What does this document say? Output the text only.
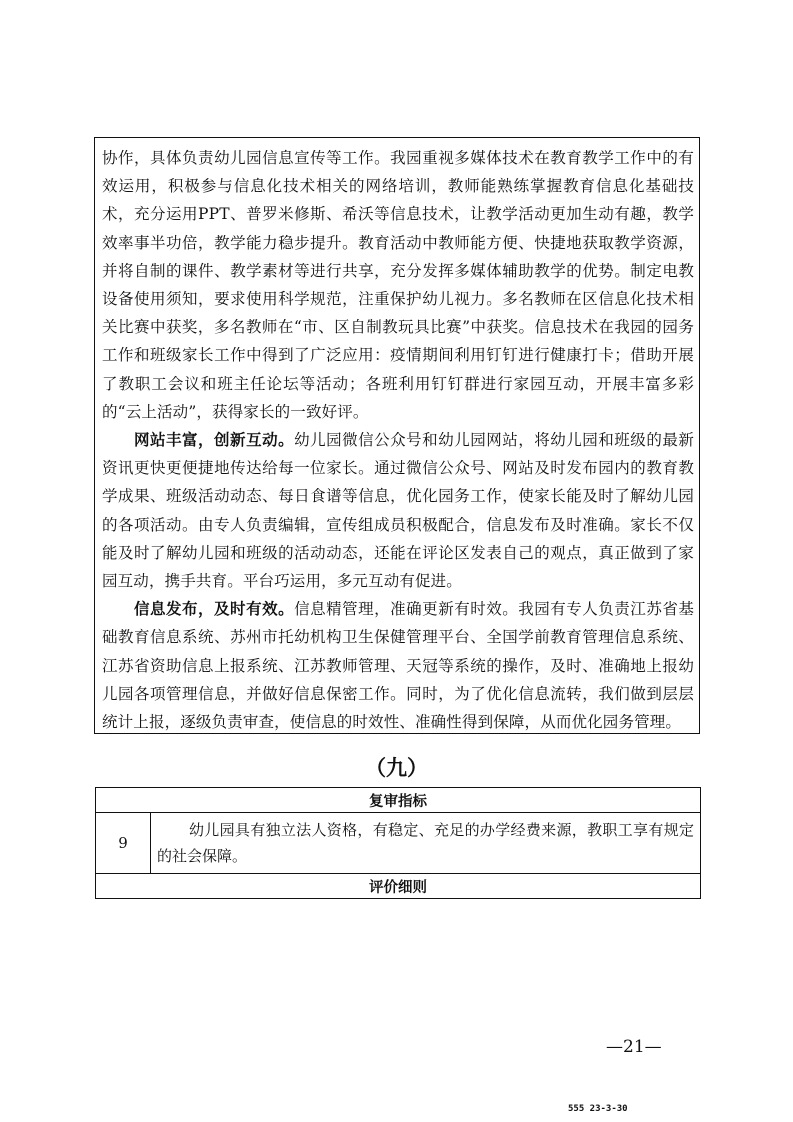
协作，具体负责幼儿园信息宣传等工作。我园重视多媒体技术在教育教学工作中的有效运用，积极参与信息化技术相关的网络培训，教师能熟练掌握教育信息化基础技术，充分运用PPT、普罗米修斯、希沃等信息技术，让教学活动更加生动有趣，教学效率事半功倍，教学能力稳步提升。教育活动中教师能方便、快捷地获取教学资源，并将自制的课件、教学素材等进行共享，充分发挥多媒体辅助教学的优势。制定电教设备使用须知，要求使用科学规范，注重保护幼儿视力。多名教师在区信息化技术相关比赛中获奖，多名教师在“市、区自制教玩具比赛”中获奖。信息技术在我园的园务工作和班级家长工作中得到了广泛应用：疫情期间利用钉钉进行健康打卡；借助开展了教职工会议和班主任论坛等活动；各班利用钉钉群进行家园互动，开展丰富多彩的“云上活动”，获得家长的一致好评。

网站丰富，创新互动。幼儿园微信公众号和幼儿园网站，将幼儿园和班级的最新资讯更快更便捷地传达给每一位家长。通过微信公众号、网站及时发布园内的教育教学成果、班级活动动态、每日食谱等信息，优化园务工作，使家长能及时了解幼儿园的各项活动。由专人负责编辑，宣传组成员积极配合，信息发布及时准确。家长不仅能及时了解幼儿园和班级的活动动态，还能在评论区发表自己的观点，真正做到了家园互动，携手共育。平台巧运用，多元互动有促进。

信息发布，及时有效。信息精管理，准确更新有时效。我园有专人负责江苏省基础教育信息系统、苏州市托幼机构卫生保健管理平台、全国学前教育管理信息系统、江苏省资助信息上报系统、江苏教师管理、天冠等系统的操作，及时、准确地上报幼儿园各项管理信息，并做好信息保密工作。同时，为了优化信息流转，我们做到层层统计上报，逐级负责审查，使信息的时效性、准确性得到保障，从而优化园务管理。

（九）
复审指标
9	
幼儿园具有独立法人资格，有稳定、充足的办学经费来源，教职工享有规定的社会保障。

评价细则
—21—
555 23-3-30
